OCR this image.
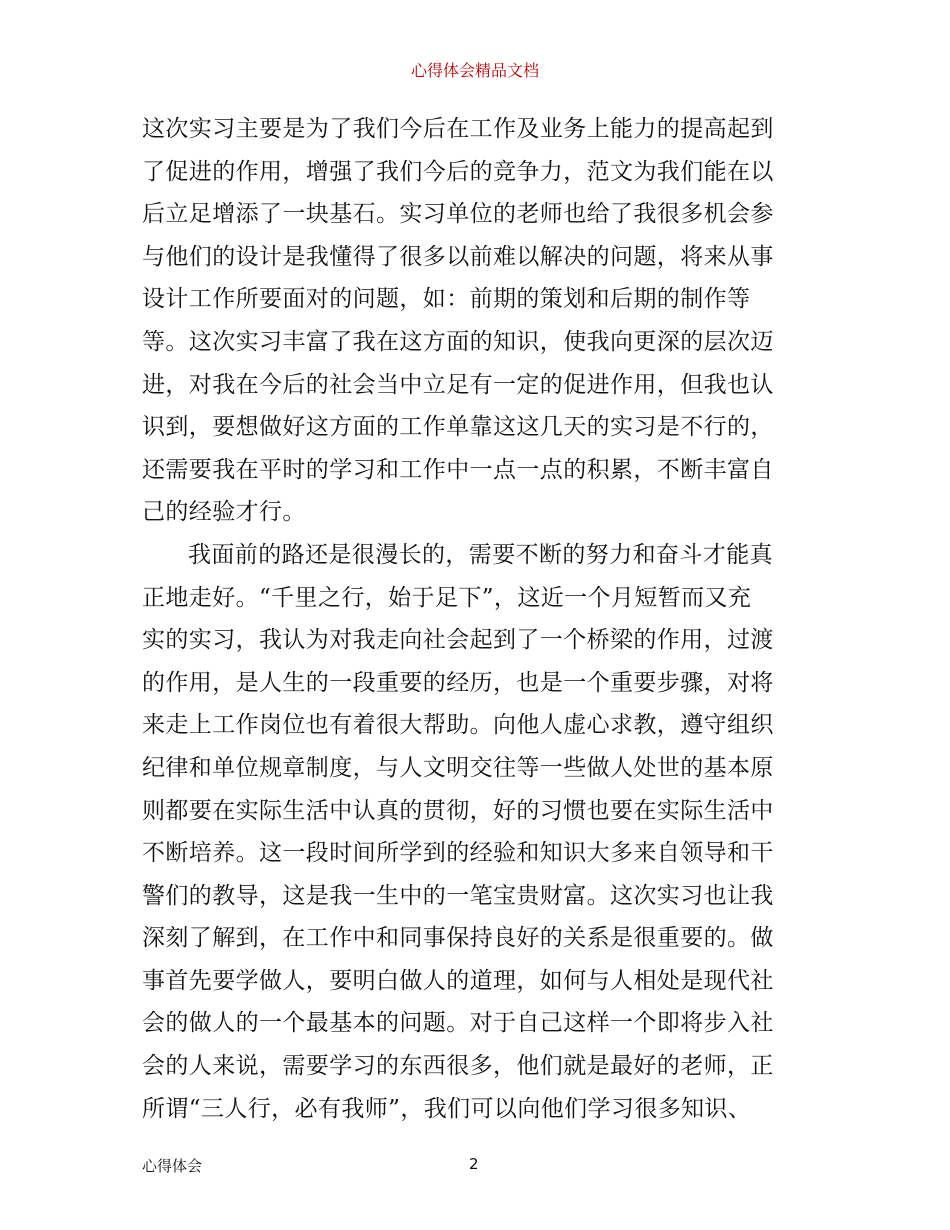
心得体会精品文档
这次实习主要是为了我们今后在工作及业务上能力的提高起到
了促进的作用，增强了我们今后的竞争力，范文为我们能在以
后立足增添了一块基石。实习单位的老师也给了我很多机会参
与他们的设计是我懂得了很多以前难以解决的问题，将来从事
设计工作所要面对的问题，如：前期的策划和后期的制作等
等。这次实习丰富了我在这方面的知识，使我向更深的层次迈
进，对我在今后的社会当中立足有一定的促进作用，但我也认
识到，要想做好这方面的工作单靠这这几天的实习是不行的，
还需要我在平时的学习和工作中一点一点的积累，不断丰富自
己的经验才行。
我面前的路还是很漫长的，需要不断的努力和奋斗才能真
正地走好。“千里之行，始于足下”，这近一个月短暂而又充
实的实习，我认为对我走向社会起到了一个桥梁的作用，过渡
的作用，是人生的一段重要的经历，也是一个重要步骤，对将
来走上工作岗位也有着很大帮助。向他人虚心求教，遵守组织
纪律和单位规章制度，与人文明交往等一些做人处世的基本原
则都要在实际生活中认真的贯彻，好的习惯也要在实际生活中
不断培养。这一段时间所学到的经验和知识大多来自领导和干
警们的教导，这是我一生中的一笔宝贵财富。这次实习也让我
深刻了解到，在工作中和同事保持良好的关系是很重要的。做
事首先要学做人，要明白做人的道理，如何与人相处是现代社
会的做人的一个最基本的问题。对于自己这样一个即将步入社
会的人来说，需要学习的东西很多，他们就是最好的老师，正
所谓“三人行，必有我师”，我们可以向他们学习很多知识、
心得体会	2
